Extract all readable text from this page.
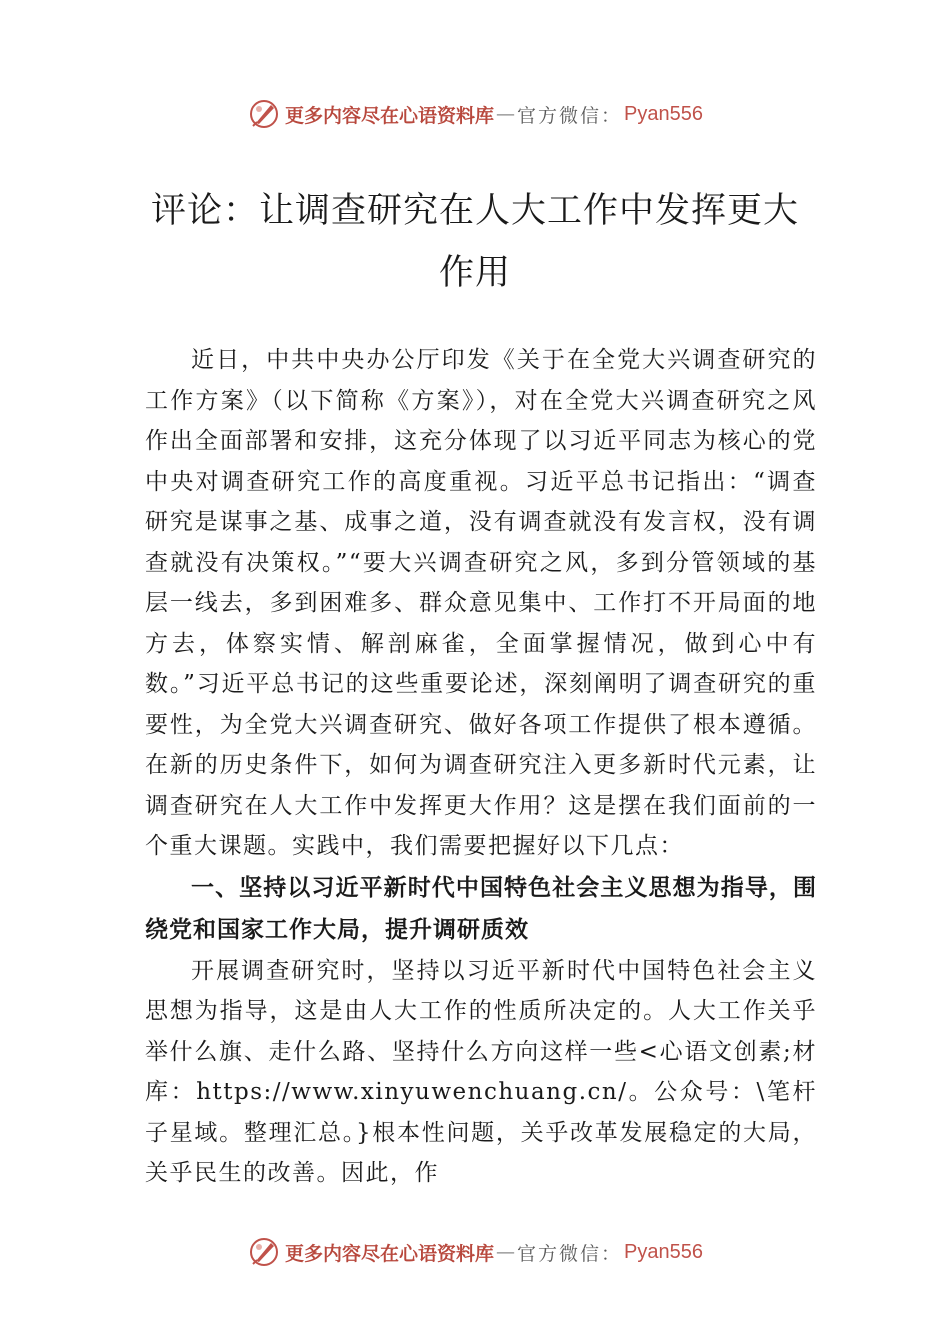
更多内容尽在心语资料库 — 官方微信： Pyan556
评论：让调查研究在人大工作中发挥更大作用

近日，中共中央办公厅印发《关于在全党大兴调查研究的工作方案》（以下简称《方案》），对在全党大兴调查研究之风作出全面部署和安排，这充分体现了以习近平同志为核心的党中央对调查研究工作的高度重视。习近平总书记指出：“调查研究是谋事之基、成事之道，没有调查就没有发言权，没有调查就没有决策权。”“要大兴调查研究之风，多到分管领域的基层一线去，多到困难多、群众意见集中、工作打不开局面的地方去，体察实情、解剖麻雀，全面掌握情况，做到心中有数。”习近平总书记的这些重要论述，深刻阐明了调查研究的重要性，为全党大兴调查研究、做好各项工作提供了根本遵循。在新的历史条件下，如何为调查研究注入更多新时代元素，让调查研究在人大工作中发挥更大作用？这是摆在我们面前的一个重大课题。实践中，我们需要把握好以下几点：

一、坚持以习近平新时代中国特色社会主义思想为指导，围绕党和国家工作大局，提升调研质效

开展调查研究时，坚持以习近平新时代中国特色社会主义思想为指导，这是由人大工作的性质所决定的。人大工作关乎举什么旗、走什么路、坚持什么方向这样一些<心语文创素;材库：https://www.xinyuwenchuang.cn/。公众号：\笔杆子星域。整理汇总。}根本性问题，关乎改革发展稳定的大局，关乎民生的改善。因此，作

更多内容尽在心语资料库 — 官方微信： Pyan556
